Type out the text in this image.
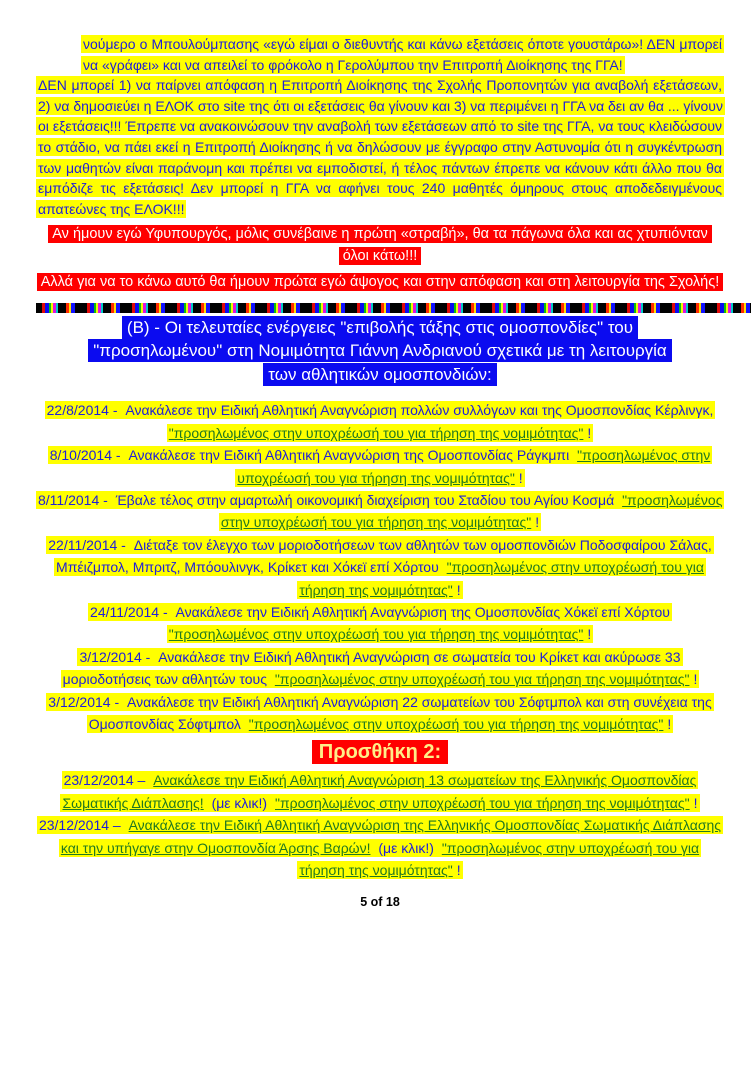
νούμερο ο Μπουλούμπασης «εγώ είμαι ο διεθυντής και κάνω εξετάσεις όποτε γουστάρω»! ΔΕΝ μπορεί να «γράφει» και να απειλεί το φρόκολο η Γερολύμπου την Επιτροπή Διοίκησης της ΓΓΑ!

ΔΕΝ μπορεί 1) να παίρνει απόφαση η Επιτροπή Διοίκησης της Σχολής Προπονητών για αναβολή εξετάσεων, 2) να δημοσιεύει η ΕΛΟΚ στο site της ότι οι εξετάσεις θα γίνουν και 3) να περιμένει η ΓΓΑ να δει αν θα ... γίνουν οι εξετάσεις!!! Έπρεπε να ανακοινώσουν την αναβολή των εξετάσεων από το site της ΓΓΑ, να τους κλειδώσουν το στάδιο, να πάει εκεί η Επιτροπή Διοίκησης ή να δηλώσουν με έγγραφο στην Αστυνομία ότι η συγκέντρωση των μαθητών είναι παράνομη και πρέπει να εμποδιστεί, ή τέλος πάντων έπρεπε να κάνουν κάτι άλλο που θα εμπόδιζε τις εξετάσεις! Δεν μπορεί η ΓΓΑ να αφήνει τους 240 μαθητές όμηρους στους αποδεδειγμένους απατεώνες της ΕΛΟΚ!!!

Αν ήμουν εγώ Υφυπουργός, μόλις συνέβαινε η πρώτη «στραβή», θα τα πάγωνα όλα και ας χτυπιόνταν όλοι κάτω!!!

Αλλά για να το κάνω αυτό θα ήμουν πρώτα εγώ άψογος και στην απόφαση και στη λειτουργία της Σχολής!

(Β) - Οι τελευταίες ενέργειες "επιβολής τάξης στις ομοσπονδίες" του "προσηλωμένου" στη Νομιμότητα Γιάννη Ανδριανού σχετικά με τη λειτουργία των αθλητικών ομοσπονδιών:

22/8/2014 - Ανακάλεσε την Ειδική Αθλητική Αναγνώριση πολλών συλλόγων και της Ομοσπονδίας Κέρλινγκ, "προσηλωμένος στην υποχρέωσή του για τήρηση της νομιμότητας" !

8/10/2014 - Ανακάλεσε την Ειδική Αθλητική Αναγνώριση της Ομοσπονδίας Ράγκμπι "προσηλωμένος στην υποχρέωσή του για τήρηση της νομιμότητας" !

8/11/2014 - Έβαλε τέλος στην αμαρτωλή οικονομική διαχείριση του Σταδίου του Αγίου Κοσμά "προσηλωμένος στην υποχρέωσή του για τήρηση της νομιμότητας" !

22/11/2014 - Διέταξε τον έλεγχο των μοριοδοτήσεων των αθλητών των ομοσπονδιών Ποδοσφαίρου Σάλας, Μπέιζμπολ, Μπριτζ, Μπόουλινγκ, Κρίκετ και Χόκεϊ επί Χόρτου "προσηλωμένος στην υποχρέωσή του για τήρηση της νομιμότητας" !

24/11/2014 - Ανακάλεσε την Ειδική Αθλητική Αναγνώριση της Ομοσπονδίας Χόκεϊ επί Χόρτου "προσηλωμένος στην υποχρέωσή του για τήρηση της νομιμότητας" !

3/12/2014 - Ανακάλεσε την Ειδική Αθλητική Αναγνώριση σε σωματεία του Κρίκετ και ακύρωσε 33 μοριοδοτήσεις των αθλητών τους "προσηλωμένος στην υποχρέωσή του για τήρηση της νομιμότητας" !

3/12/2014 - Ανακάλεσε την Ειδική Αθλητική Αναγνώριση 22 σωματείων του Σόφτμπολ και στη συνέχεια της Ομοσπονδίας Σόφτμπολ "προσηλωμένος στην υποχρέωσή του για τήρηση της νομιμότητας" !

Προσθήκη 2:

23/12/2014 – Ανακάλεσε την Ειδική Αθλητική Αναγνώριση 13 σωματείων της Ελληνικής Ομοσπονδίας Σωματικής Διάπλασης! (με κλικ!) "προσηλωμένος στην υποχρέωσή του για τήρηση της νομιμότητας" !

23/12/2014 – Ανακάλεσε την Ειδική Αθλητική Αναγνώριση της Ελληνικής Ομοσπονδίας Σωματικής Διάπλασης και την υπήγαγε στην Ομοσπονδία Άρσης Βαρών! (με κλικ!) "προσηλωμένος στην υποχρέωσή του για τήρηση της νομιμότητας" !

5 of 18
